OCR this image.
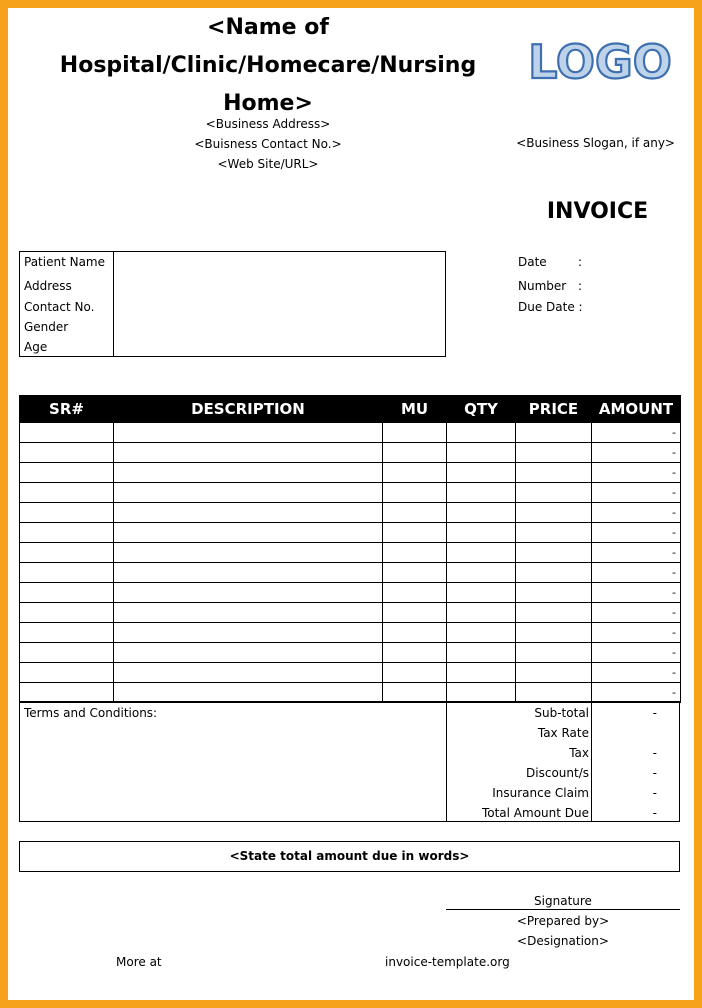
<Name of
Hospital/Clinic/Homecare/Nursing
Home>
<Business Address>
<Buisness Contact No.>
<Web Site/URL>
LOGO
<Business Slogan, if any>
INVOICE
Patient Name
Address
Contact No.
Gender
Age
Date	:
Number :
Due Date :
SR#	DESCRIPTION	MU	QTY	PRICE	AMOUNT
					-
					-
					-
					-
					-
					-
					-
					-
					-
					-
					-
					-
					-
					-
Terms and Conditions:	Sub-total	-
Tax Rate
Tax	-
Discount/s	-
Insurance Claim	-
Total Amount Due	-
<State total amount due in words>
Signature
<Prepared by>
<Designation>
More at	invoice-template.org
